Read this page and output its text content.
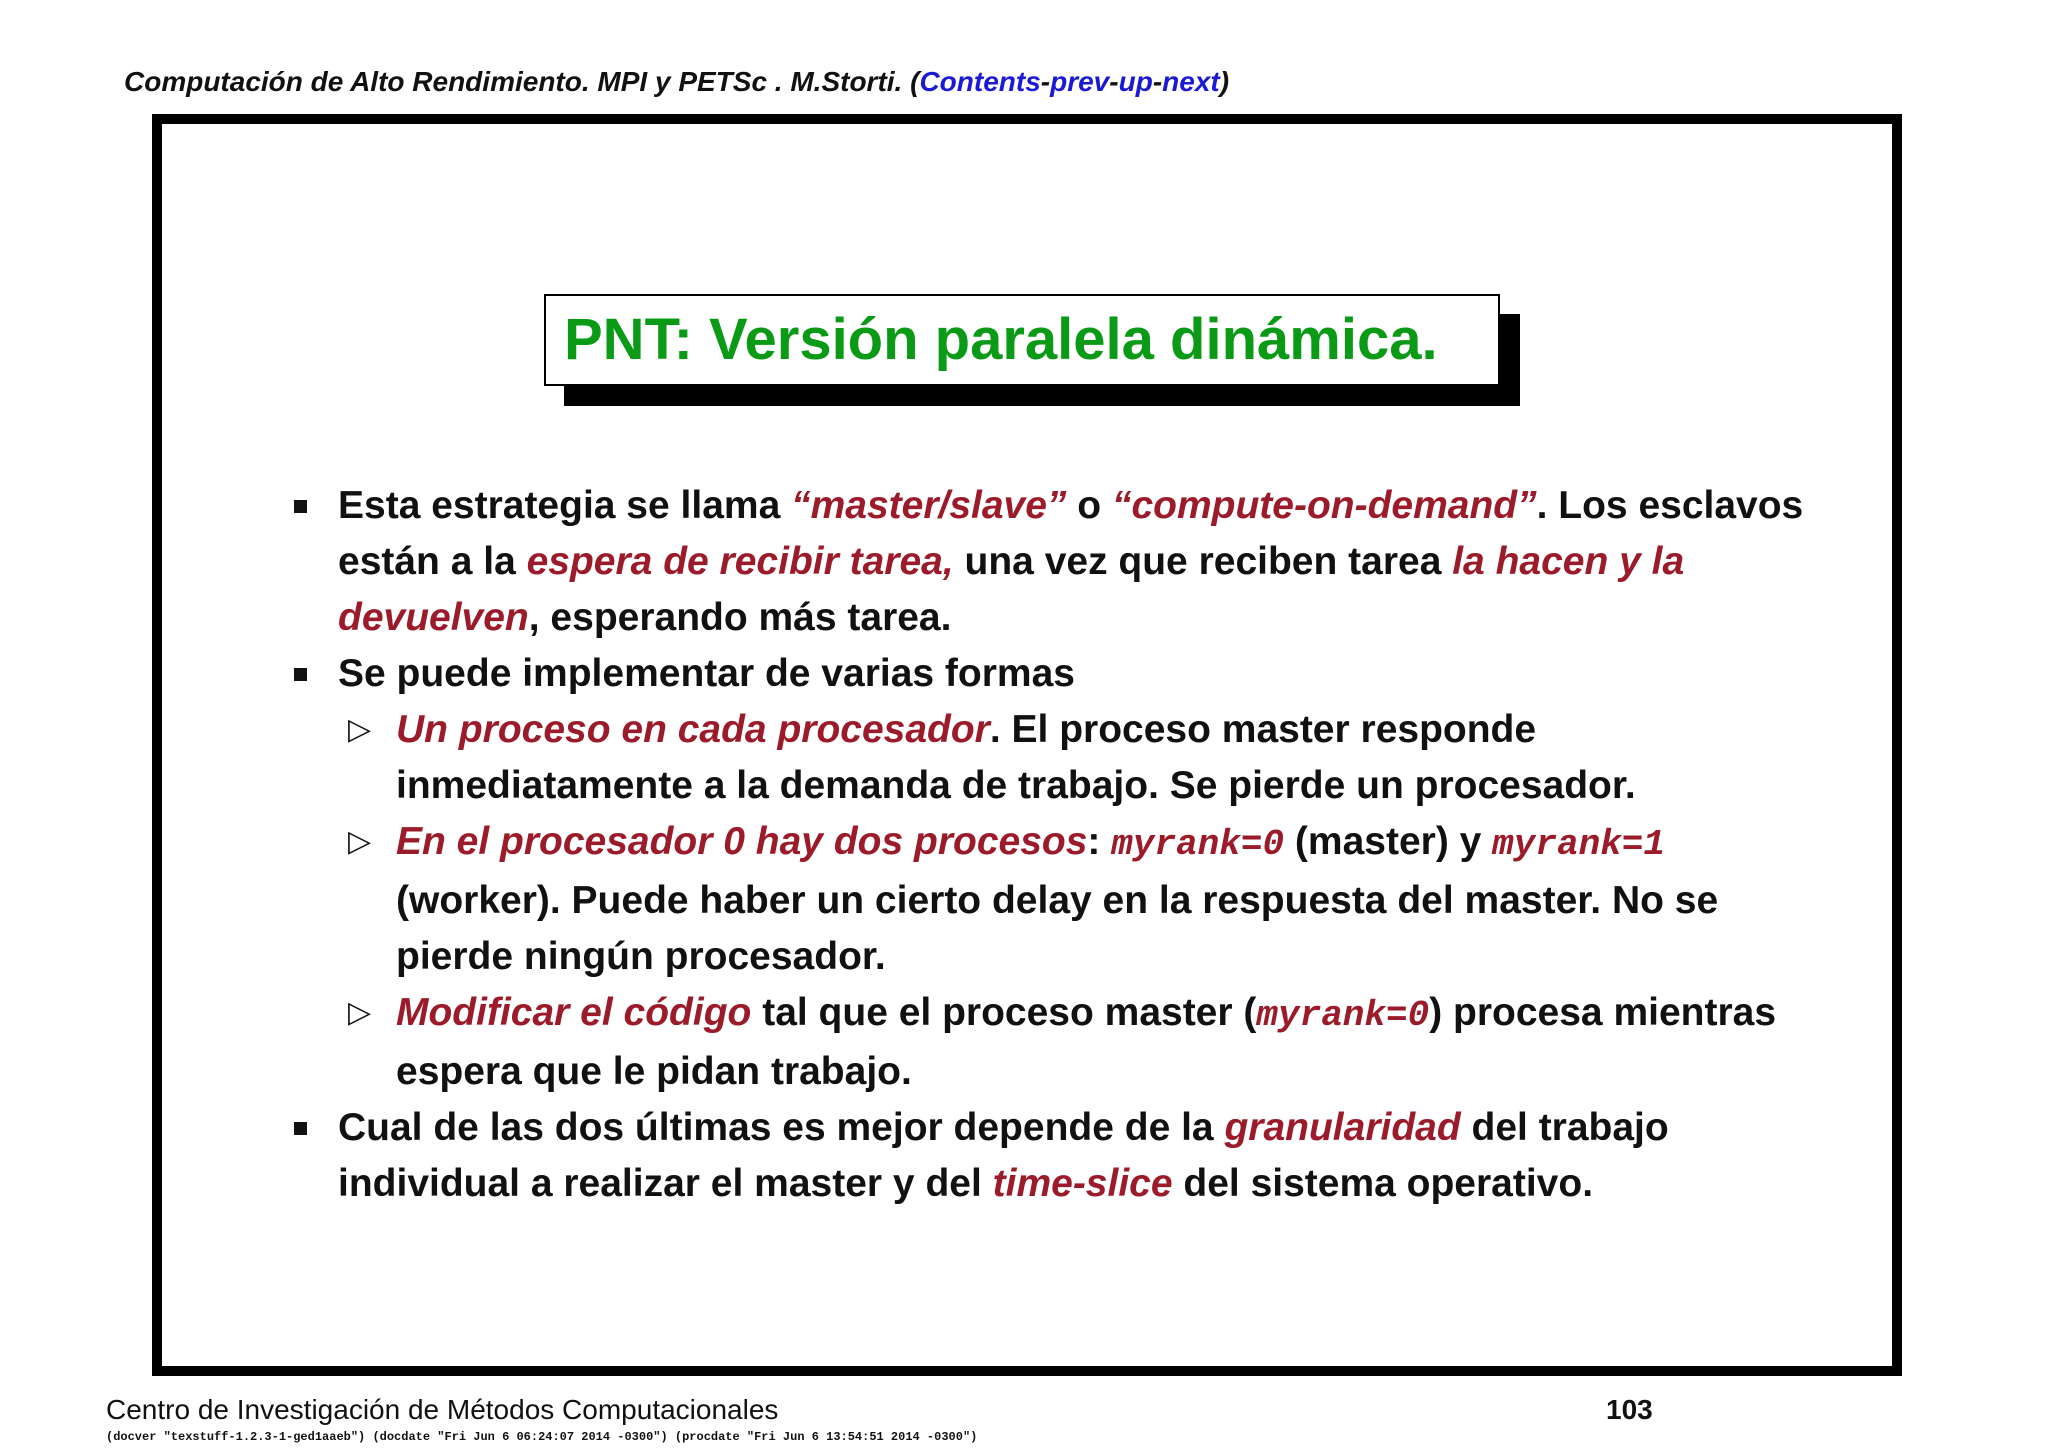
Computación de Alto Rendimiento. MPI y PETSc . M.Storti. (Contents-prev-up-next)
PNT: Versión paralela dinámica.
Esta estrategia se llama “master/slave” o “compute-on-demand”. Los esclavos están a la espera de recibir tarea, una vez que reciben tarea la hacen y la devuelven, esperando más tarea.
Se puede implementar de varias formas
▷ Un proceso en cada procesador. El proceso master responde inmediatamente a la demanda de trabajo. Se pierde un procesador.
▷ En el procesador 0 hay dos procesos: myrank=0 (master) y myrank=1 (worker). Puede haber un cierto delay en la respuesta del master. No se pierde ningún procesador.
▷ Modificar el código tal que el proceso master (myrank=0) procesa mientras espera que le pidan trabajo.
Cual de las dos últimas es mejor depende de la granularidad del trabajo individual a realizar el master y del time-slice del sistema operativo.
Centro de Investigación de Métodos Computacionales	103
(docver "texstuff-1.2.3-1-ged1aaeb") (docdate "Fri Jun 6 06:24:07 2014 -0300") (procdate "Fri Jun 6 13:54:51 2014 -0300")
